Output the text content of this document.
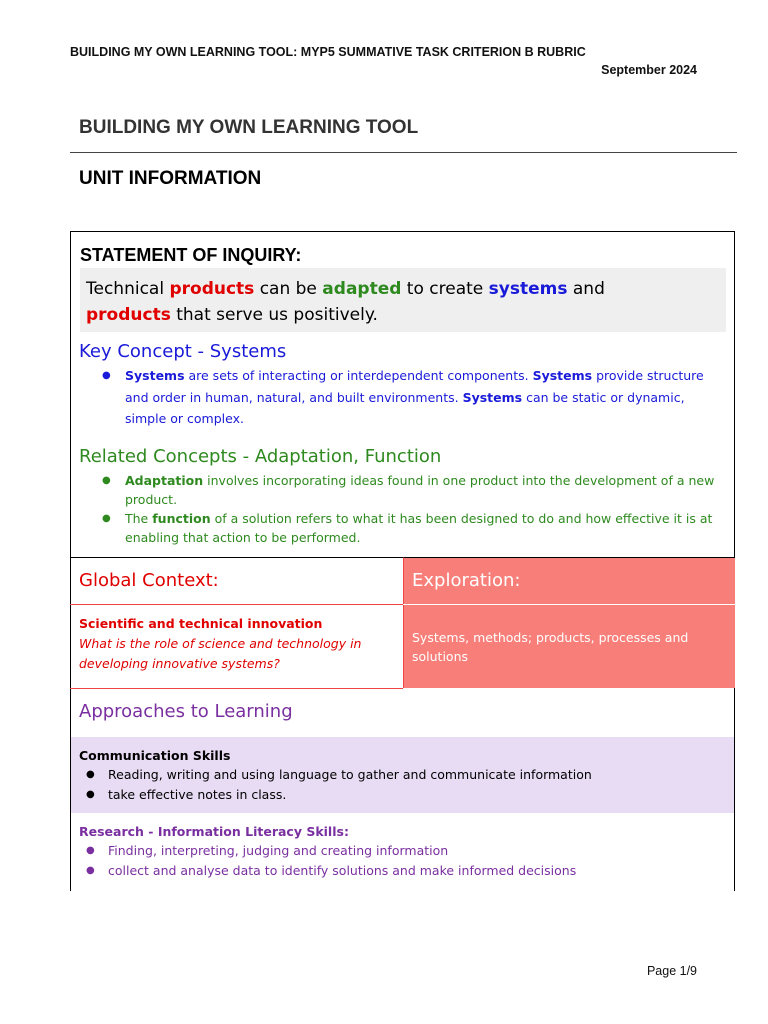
BUILDING MY OWN LEARNING TOOL: MYP5 SUMMATIVE TASK CRITERION B RUBRIC
September 2024
BUILDING MY OWN LEARNING TOOL
UNIT INFORMATION
STATEMENT OF INQUIRY:
Technical products can be adapted to create systems and
products that serve us positively.
Key Concept - Systems
● Systems are sets of interacting or interdependent components. Systems provide structure and order in human, natural, and built environments. Systems can be static or dynamic, simple or complex.
Related Concepts - Adaptation, Function
● Adaptation involves incorporating ideas found in one product into the development of a new product.
● The function of a solution refers to what it has been designed to do and how effective it is at enabling that action to be performed.
Global Context:	Exploration:
Systems, methods; products, processes and solutions
Scientific and technical innovation
What is the role of science and technology in developing innovative systems?
Approaches to Learning
Communication Skills
● Reading, writing and using language to gather and communicate information
● take effective notes in class.
Research - Information Literacy Skills:
● Finding, interpreting, judging and creating information
● collect and analyse data to identify solutions and make informed decisions
Page 1/9
